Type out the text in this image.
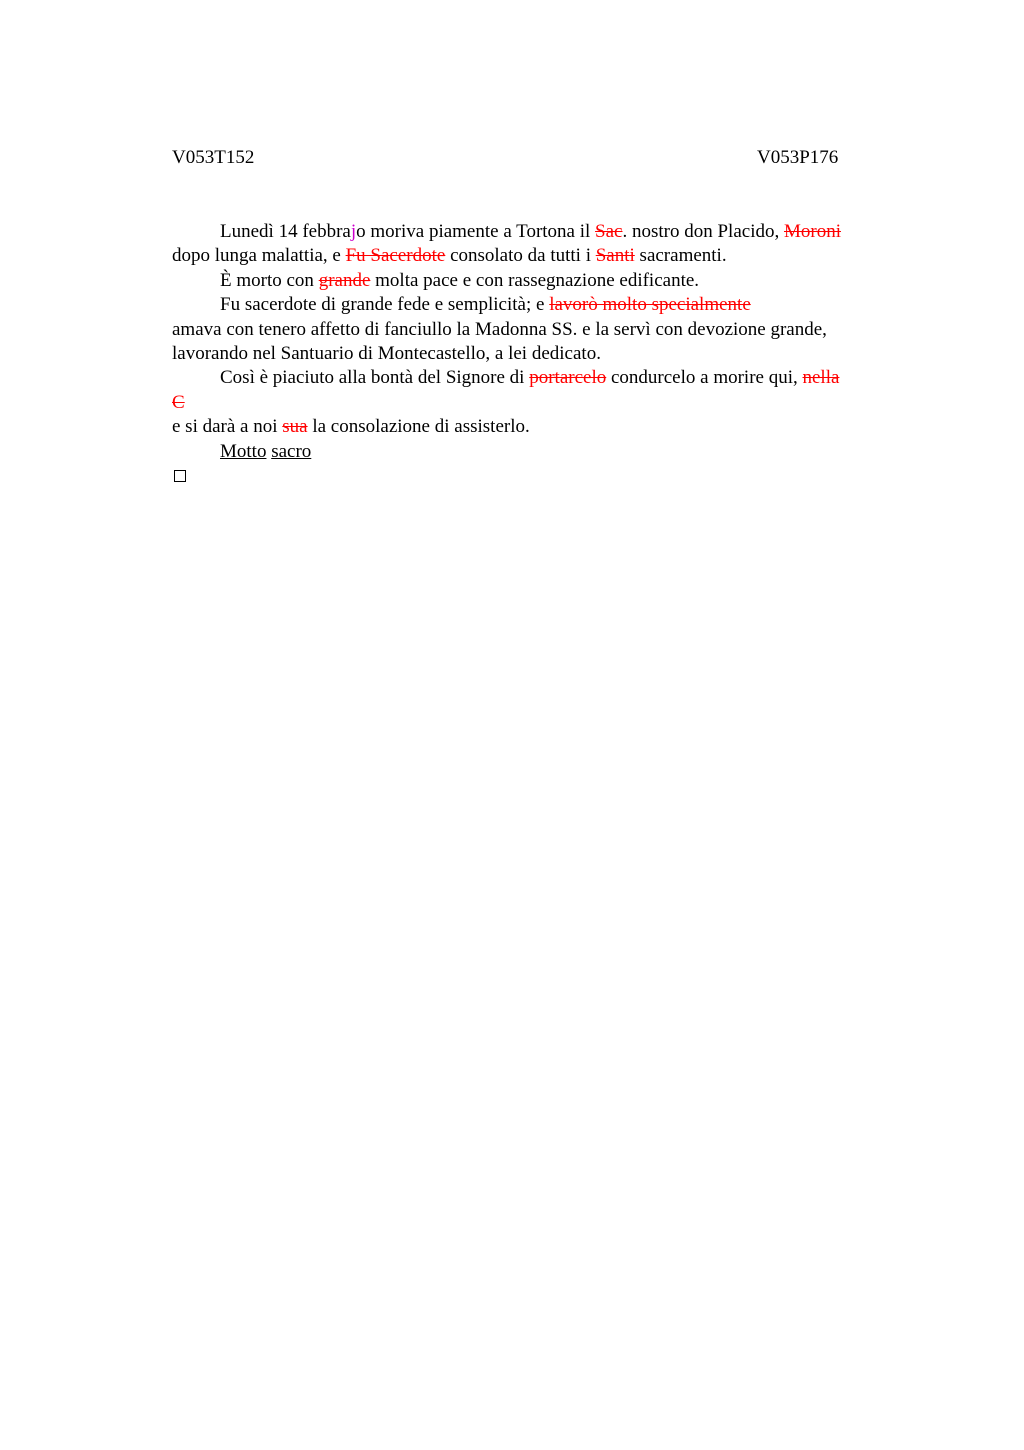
V053T152	V053P176
Lunedì 14 febbrajo moriva piamente a Tortona il Sac. nostro don Placido, Moroni
dopo lunga malattia, e Fu Sacerdote consolato da tutti i Santi sacramenti.
È morto con grande molta pace e con rassegnazione edificante.
Fu sacerdote di grande fede e semplicità; e lavorò molto specialmente
amava con tenero affetto di fanciullo la Madonna SS. e la servì con devozione grande,
lavorando nel Santuario di Montecastello, a lei dedicato.
Così è piaciuto alla bontà del Signore di portarcelo condurcelo a morire qui, nella
C
e si darà a noi sua la consolazione di assisterlo.
Motto sacro
